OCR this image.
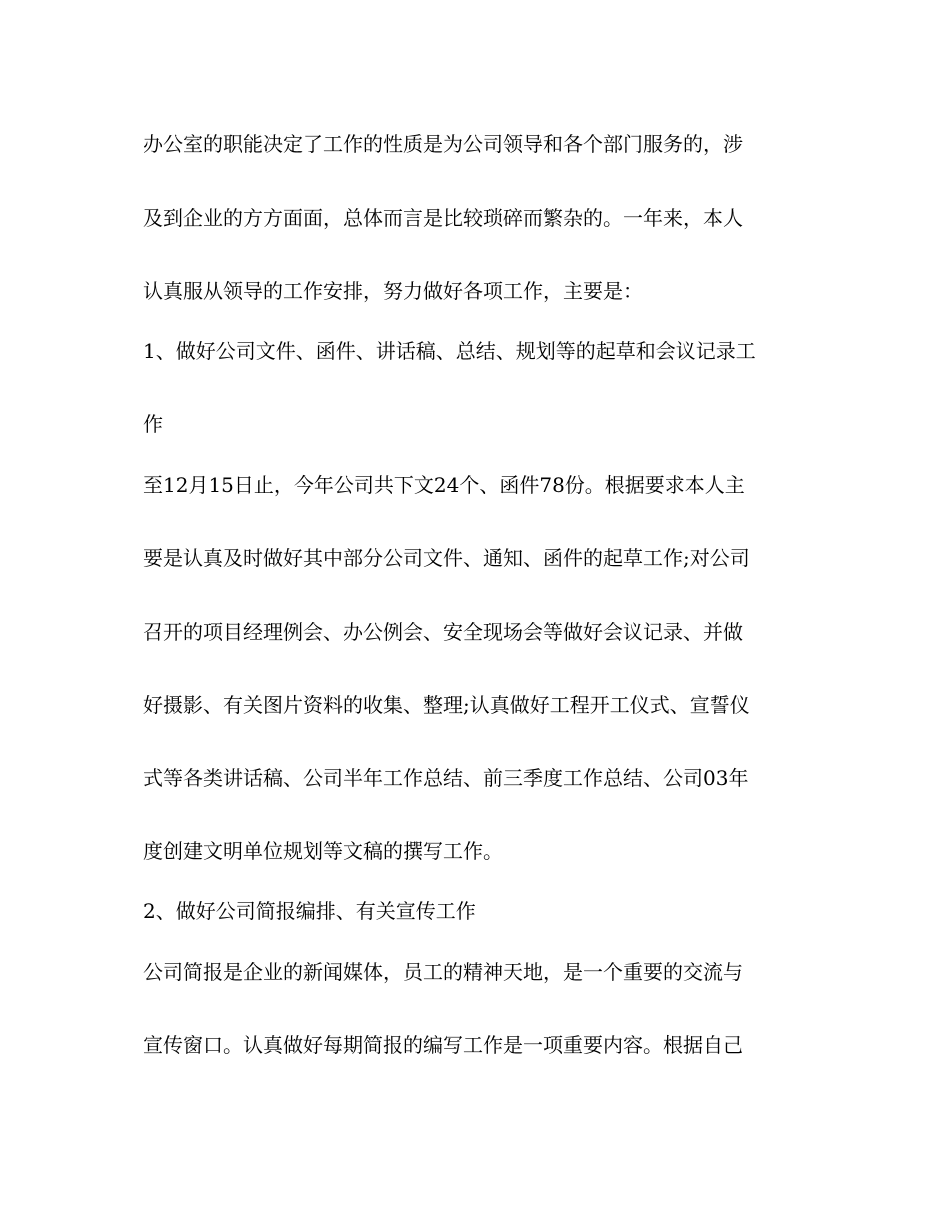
办公室的职能决定了工作的性质是为公司领导和各个部门服务的，涉

及到企业的方方面面，总体而言是比较琐碎而繁杂的。一年来，本人

认真服从领导的工作安排，努力做好各项工作，主要是：

1、做好公司文件、函件、讲话稿、总结、规划等的起草和会议记录工

作

至12月15日止，今年公司共下文24个、函件78份。根据要求本人主

要是认真及时做好其中部分公司文件、通知、函件的起草工作;对公司

召开的项目经理例会、办公例会、安全现场会等做好会议记录、并做

好摄影、有关图片资料的收集、整理;认真做好工程开工仪式、宣誓仪

式等各类讲话稿、公司半年工作总结、前三季度工作总结、公司03年

度创建文明单位规划等文稿的撰写工作。

2、做好公司简报编排、有关宣传工作

公司简报是企业的新闻媒体，员工的精神天地，是一个重要的交流与

宣传窗口。认真做好每期简报的编写工作是一项重要内容。根据自己
